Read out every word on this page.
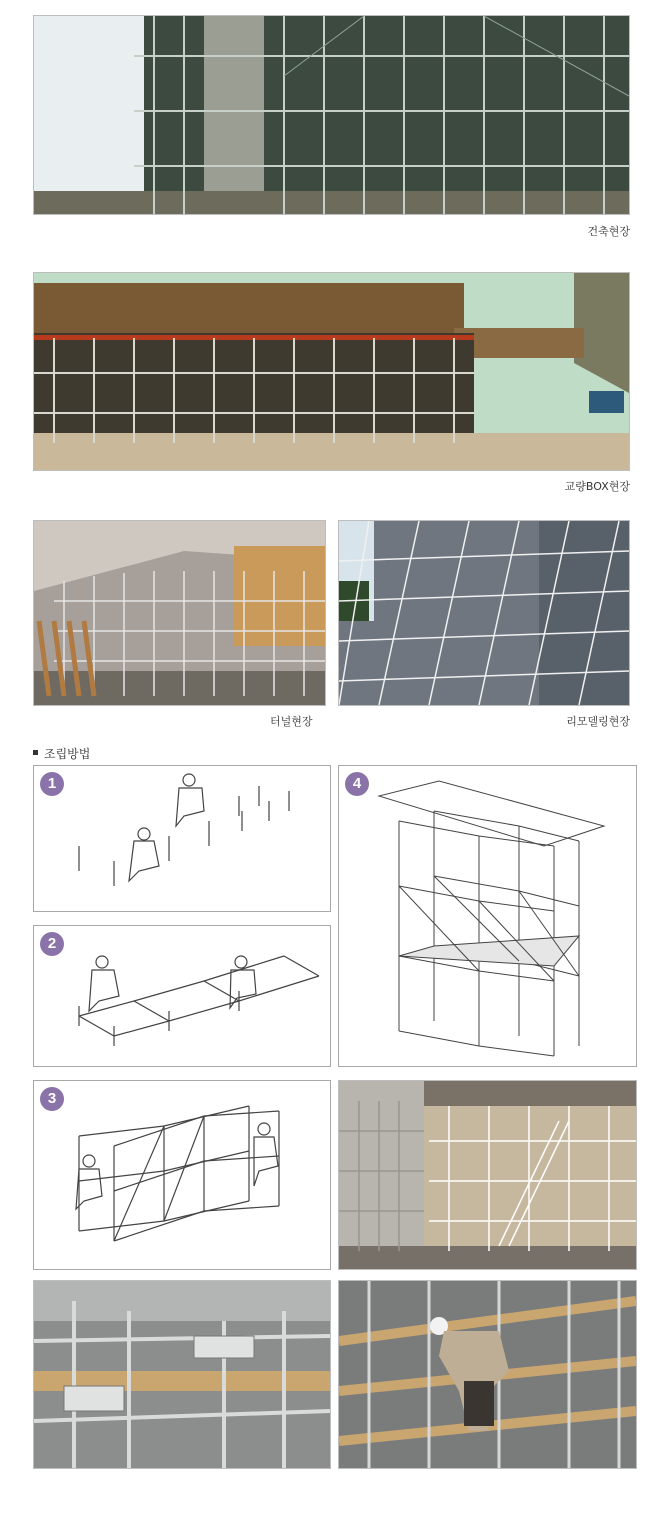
건축현장
교량BOX현장
터널현장	리모델링현장
조립방법
1
2
3
4
